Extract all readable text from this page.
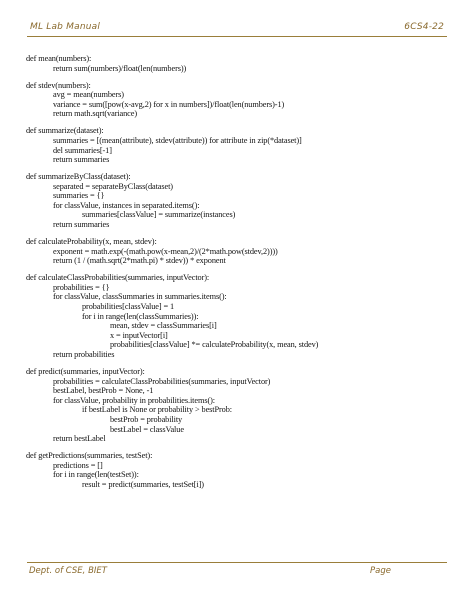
ML Lab Manual	6CS4-22
def mean(numbers):
return sum(numbers)/float(len(numbers))
def stdev(numbers):
avg = mean(numbers)
variance = sum([pow(x-avg,2) for x in numbers])/float(len(numbers)-1)
return math.sqrt(variance)
def summarize(dataset):
summaries = [(mean(attribute), stdev(attribute)) for attribute in zip(*dataset)]
del summaries[-1]
return summaries
def summarizeByClass(dataset):
separated = separateByClass(dataset)
summaries = {}
for classValue, instances in separated.items():
summaries[classValue] = summarize(instances)
return summaries
def calculateProbability(x, mean, stdev):
exponent = math.exp(-(math.pow(x-mean,2)/(2*math.pow(stdev,2))))
return (1 / (math.sqrt(2*math.pi) * stdev)) * exponent
def calculateClassProbabilities(summaries, inputVector):
probabilities = {}
for classValue, classSummaries in summaries.items():
probabilities[classValue] = 1
for i in range(len(classSummaries)):
mean, stdev = classSummaries[i]
x = inputVector[i]
probabilities[classValue] *= calculateProbability(x, mean, stdev)
return probabilities
def predict(summaries, inputVector):
probabilities = calculateClassProbabilities(summaries, inputVector)
bestLabel, bestProb = None, -1
for classValue, probability in probabilities.items():
if bestLabel is None or probability > bestProb:
bestProb = probability
bestLabel = classValue
return bestLabel
def getPredictions(summaries, testSet):
predictions = []
for i in range(len(testSet)):
result = predict(summaries, testSet[i])
Dept. of CSE, BIET	Page
